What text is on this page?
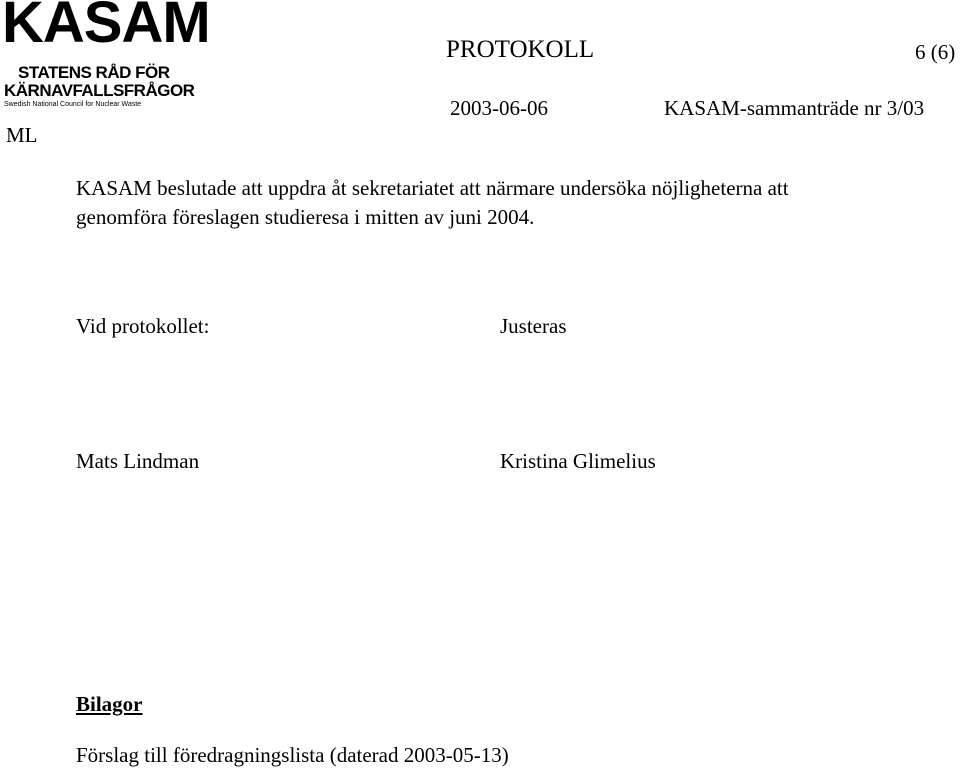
KASAM
STATENS RÅD FÖR
KÄRNAVFALLSFRÅGOR
Swedish National Council for Nuclear Waste
PROTOKOLL	6 (6)
2003-06-06	KASAM-sammanträde nr 3/03
ML
KASAM beslutade att uppdra åt sekretariatet att närmare undersöka nöjligheterna att
genomföra föreslagen studieresa i mitten av juni 2004.
Vid protokollet:	Justeras
Mats Lindman	Kristina Glimelius
Bilagor
Förslag till föredragningslista (daterad 2003-05-13)
